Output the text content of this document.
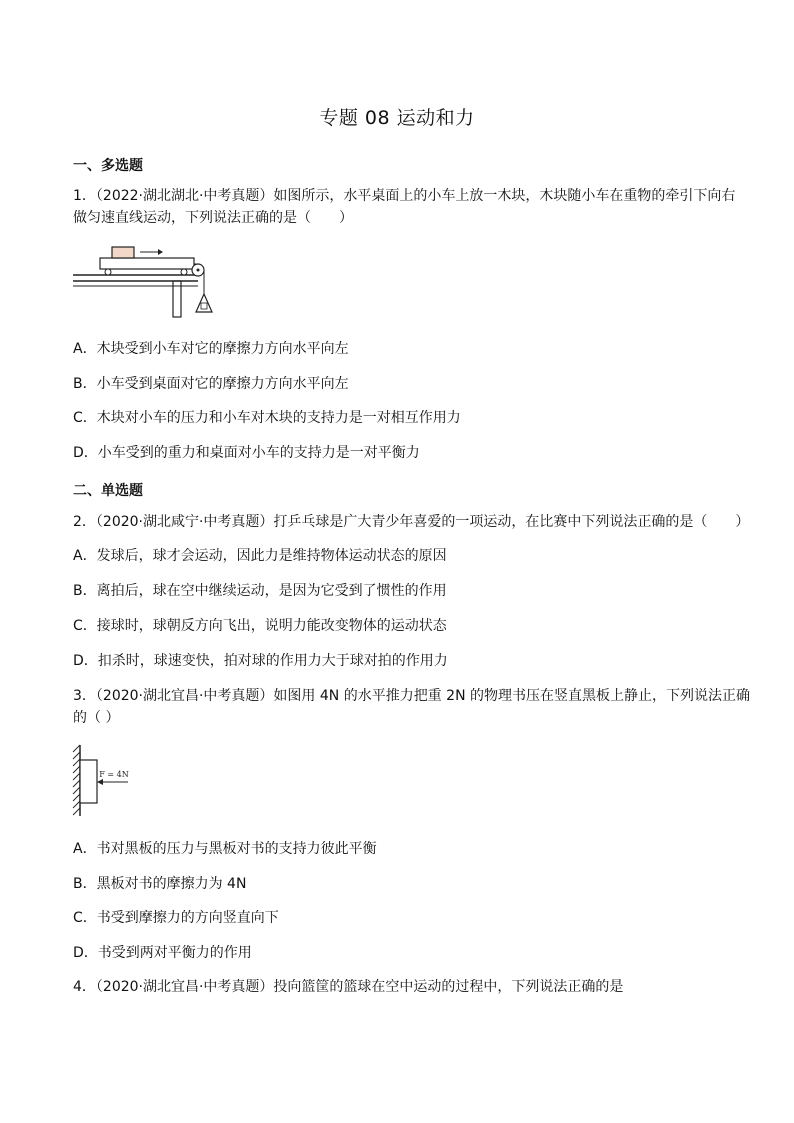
专题 08 运动和力
一、多选题
1．（2022·湖北湖北·中考真题）如图所示，水平桌面上的小车上放一木块，木块随小车在重物的牵引下向右
做匀速直线运动，下列说法正确的是（　　）
A．木块受到小车对它的摩擦力方向水平向左
B．小车受到桌面对它的摩擦力方向水平向左
C．木块对小车的压力和小车对木块的支持力是一对相互作用力
D．小车受到的重力和桌面对小车的支持力是一对平衡力
二、单选题
2．（2020·湖北咸宁·中考真题）打乒乓球是广大青少年喜爱的一项运动，在比赛中下列说法正确的是（　　）
A．发球后，球才会运动，因此力是维持物体运动状态的原因
B．离拍后，球在空中继续运动，是因为它受到了惯性的作用
C．接球时，球朝反方向飞出，说明力能改变物体的运动状态
D．扣杀时，球速变快，拍对球的作用力大于球对拍的作用力
3．（2020·湖北宜昌·中考真题）如图用 4N 的水平推力把重 2N 的物理书压在竖直黑板上静止，下列说法正确
的（ ）
F = 4N
A．书对黑板的压力与黑板对书的支持力彼此平衡
B．黑板对书的摩擦力为 4N
C．书受到摩擦力的方向竖直向下
D．书受到两对平衡力的作用
4．（2020·湖北宜昌·中考真题）投向篮筐的篮球在空中运动的过程中，下列说法正确的是
